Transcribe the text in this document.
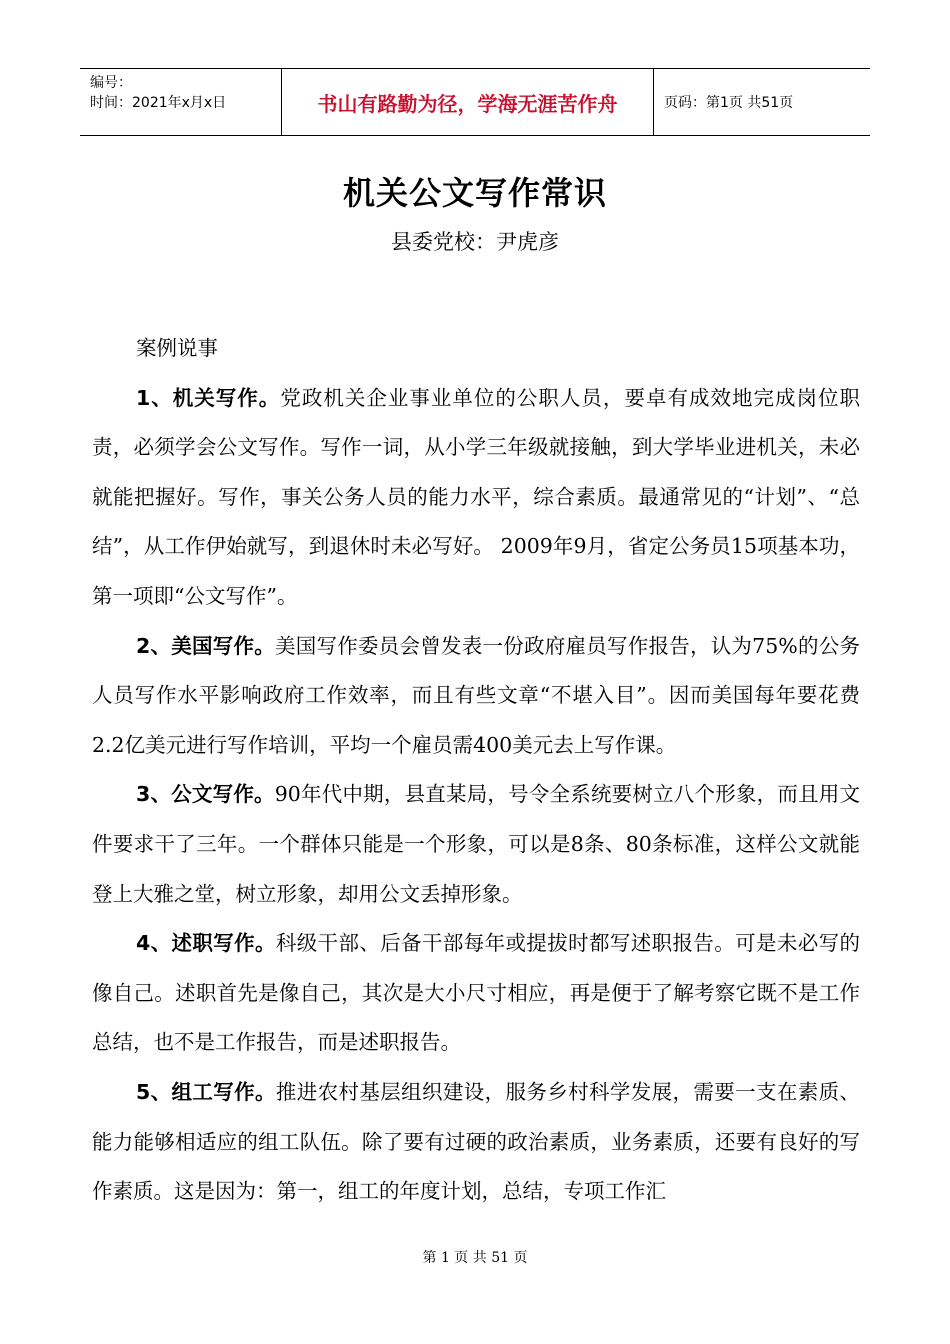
编号：
时间：2021年x月x日	书山有路勤为径，学海无涯苦作舟	页码：第1页 共51页
机关公文写作常识
县委党校：尹虎彦

案例说事

1、机关写作。党政机关企业事业单位的公职人员，要卓有成效地完成岗位职责，必须学会公文写作。写作一词，从小学三年级就接触，到大学毕业进机关，未必就能把握好。写作，事关公务人员的能力水平，综合素质。最通常见的“计划”、“总结”，从工作伊始就写，到退休时未必写好。 2009年9月，省定公务员15项基本功，第一项即“公文写作”。

2、美国写作。美国写作委员会曾发表一份政府雇员写作报告，认为75%的公务人员写作水平影响政府工作效率，而且有些文章“不堪入目”。因而美国每年要花费2.2亿美元进行写作培训，平均一个雇员需400美元去上写作课。

3、公文写作。90年代中期，县直某局，号令全系统要树立八个形象，而且用文件要求干了三年。一个群体只能是一个形象，可以是8条、80条标准，这样公文就能登上大雅之堂，树立形象，却用公文丢掉形象。

4、述职写作。科级干部、后备干部每年或提拔时都写述职报告。可是未必写的像自己。述职首先是像自己，其次是大小尺寸相应，再是便于了解考察它既不是工作总结，也不是工作报告，而是述职报告。

5、组工写作。推进农村基层组织建设，服务乡村科学发展，需要一支在素质、能力能够相适应的组工队伍。除了要有过硬的政治素质，业务素质，还要有良好的写作素质。这是因为：第一，组工的年度计划，总结，专项工作汇

第 1 页 共 51 页
